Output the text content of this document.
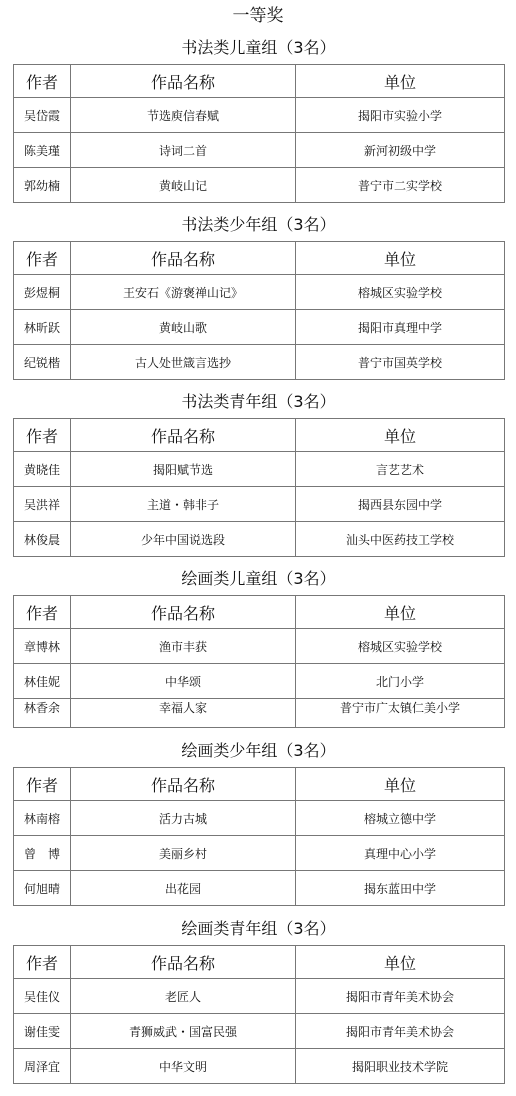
一等奖
书法类儿童组（3名）
作者	作品名称	单位
吴岱霞	节选庾信春赋	揭阳市实验小学
陈美瑾	诗词二首	新河初级中学
郭幼楠	黄岐山记	普宁市二实学校
书法类少年组（3名）
作者	作品名称	单位
彭煜桐	王安石《游褒禅山记》	榕城区实验学校
林昕跃	黄岐山歌	揭阳市真理中学
纪锐楷	古人处世箴言选抄	普宁市国英学校
书法类青年组（3名）
作者	作品名称	单位
黄晓佳	揭阳赋节选	言艺艺术
吴洪祥	主道・韩非子	揭西县东园中学
林俊晨	少年中国说选段	汕头中医药技工学校
绘画类儿童组（3名）
作者	作品名称	单位
章博林	渔市丰获	榕城区实验学校
林佳妮	中华颂	北门小学
林香余	幸福人家	普宁市广太镇仁美小学
绘画类少年组（3名）
作者	作品名称	单位
林南榕	活力古城	榕城立德中学
曾　博	美丽乡村	真理中心小学
何旭晴	出花园	揭东蓝田中学
绘画类青年组（3名）
作者	作品名称	单位
吴佳仪	老匠人	揭阳市青年美术协会
谢佳雯	青狮威武・国富民强	揭阳市青年美术协会
周泽宜	中华文明	揭阳职业技术学院
